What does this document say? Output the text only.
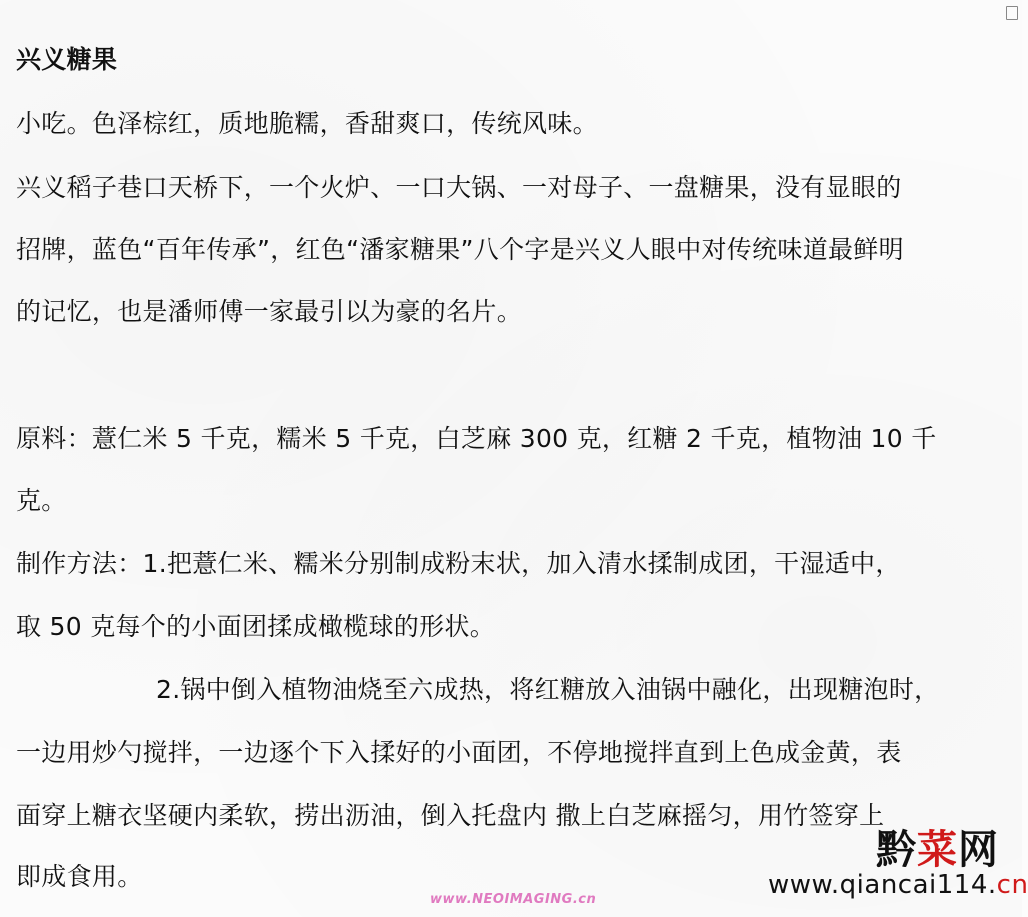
兴义糖果
小吃。色泽棕红，质地脆糯，香甜爽口，传统风味。
兴义稻子巷口天桥下，一个火炉、一口大锅、一对母子、一盘糖果，没有显眼的
招牌，蓝色“百年传承”，红色“潘家糖果”八个字是兴义人眼中对传统味道最鲜明
的记忆，也是潘师傅一家最引以为豪的名片。
原料：薏仁米 5 千克，糯米 5 千克，白芝麻 300 克，红糖 2 千克，植物油 10 千
克。
制作方法：1.把薏仁米、糯米分别制成粉末状，加入清水揉制成团，干湿适中，
取 50 克每个的小面团揉成橄榄球的形状。
2.锅中倒入植物油烧至六成热，将红糖放入油锅中融化，出现糖泡时，
一边用炒勺搅拌，一边逐个下入揉好的小面团，不停地搅拌直到上色成金黄，表
面穿上糖衣坚硬内柔软，捞出沥油，倒入托盘内 撒上白芝麻摇匀，用竹签穿上
即成食用。
黔菜网
www.qiancai114.cn
www.NEOIMAGING.cn
